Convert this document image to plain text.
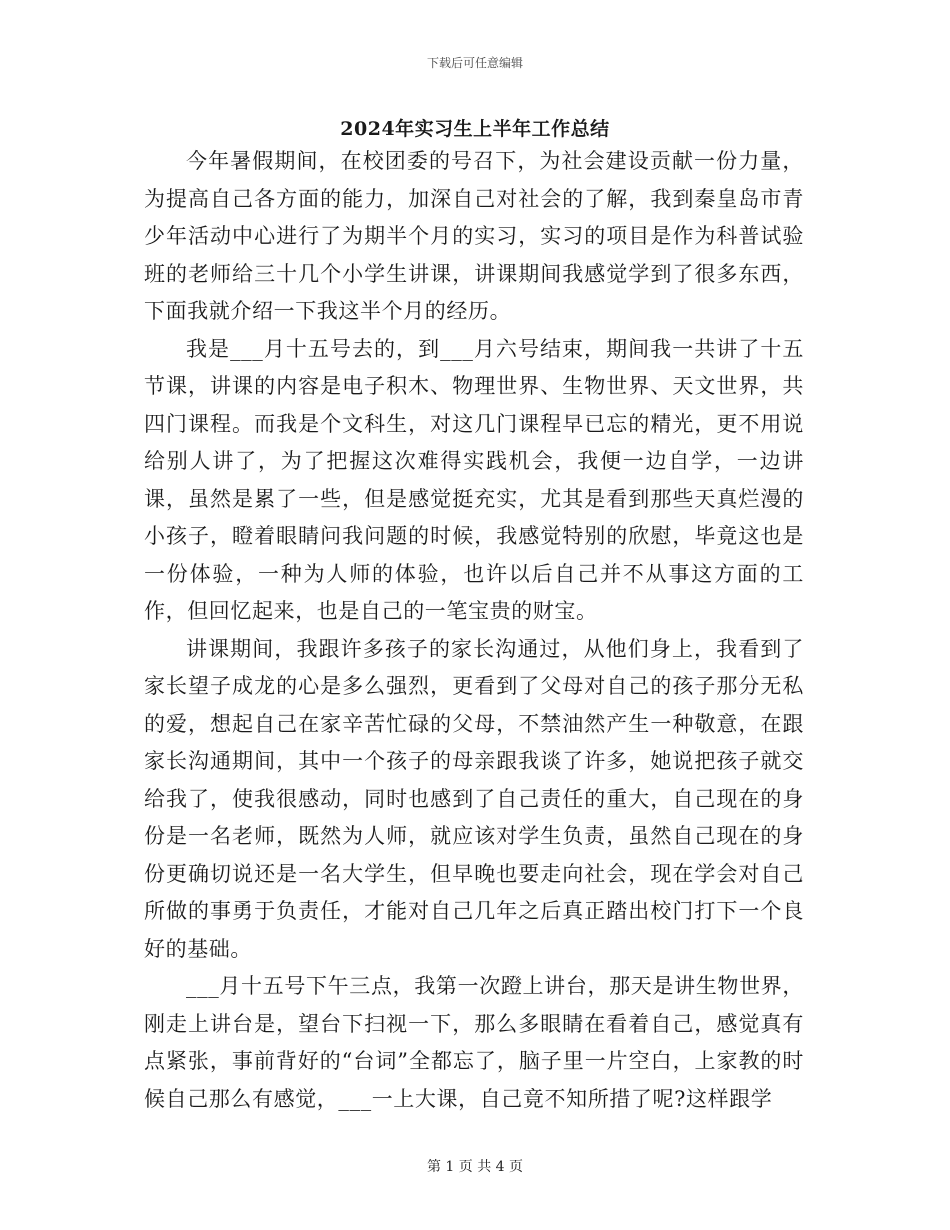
下载后可任意编辑
2024年实习生上半年工作总结

今年暑假期间，在校团委的号召下，为社会建设贡献一份力量，为提高自己各方面的能力，加深自己对社会的了解，我到秦皇岛市青少年活动中心进行了为期半个月的实习，实习的项目是作为科普试验班的老师给三十几个小学生讲课，讲课期间我感觉学到了很多东西，下面我就介绍一下我这半个月的经历。

我是___月十五号去的，到___月六号结束，期间我一共讲了十五节课，讲课的内容是电子积木、物理世界、生物世界、天文世界，共四门课程。而我是个文科生，对这几门课程早已忘的精光，更不用说给别人讲了，为了把握这次难得实践机会，我便一边自学，一边讲课，虽然是累了一些，但是感觉挺充实，尤其是看到那些天真烂漫的小孩子，瞪着眼睛问我问题的时候，我感觉特别的欣慰，毕竟这也是一份体验，一种为人师的体验，也许以后自己并不从事这方面的工作，但回忆起来，也是自己的一笔宝贵的财宝。

讲课期间，我跟许多孩子的家长沟通过，从他们身上，我看到了家长望子成龙的心是多么强烈，更看到了父母对自己的孩子那分无私的爱，想起自己在家辛苦忙碌的父母，不禁油然产生一种敬意，在跟家长沟通期间，其中一个孩子的母亲跟我谈了许多，她说把孩子就交给我了，使我很感动，同时也感到了自己责任的重大，自己现在的身份是一名老师，既然为人师，就应该对学生负责，虽然自己现在的身份更确切说还是一名大学生，但早晚也要走向社会，现在学会对自己所做的事勇于负责任，才能对自己几年之后真正踏出校门打下一个良好的基础。

___月十五号下午三点，我第一次蹬上讲台，那天是讲生物世界，刚走上讲台是，望台下扫视一下，那么多眼睛在看着自己，感觉真有点紧张，事前背好的“台词”全都忘了，脑子里一片空白，上家教的时候自己那么有感觉，___一上大课，自己竟不知所措了呢?这样跟学

第 1 页 共 4 页
